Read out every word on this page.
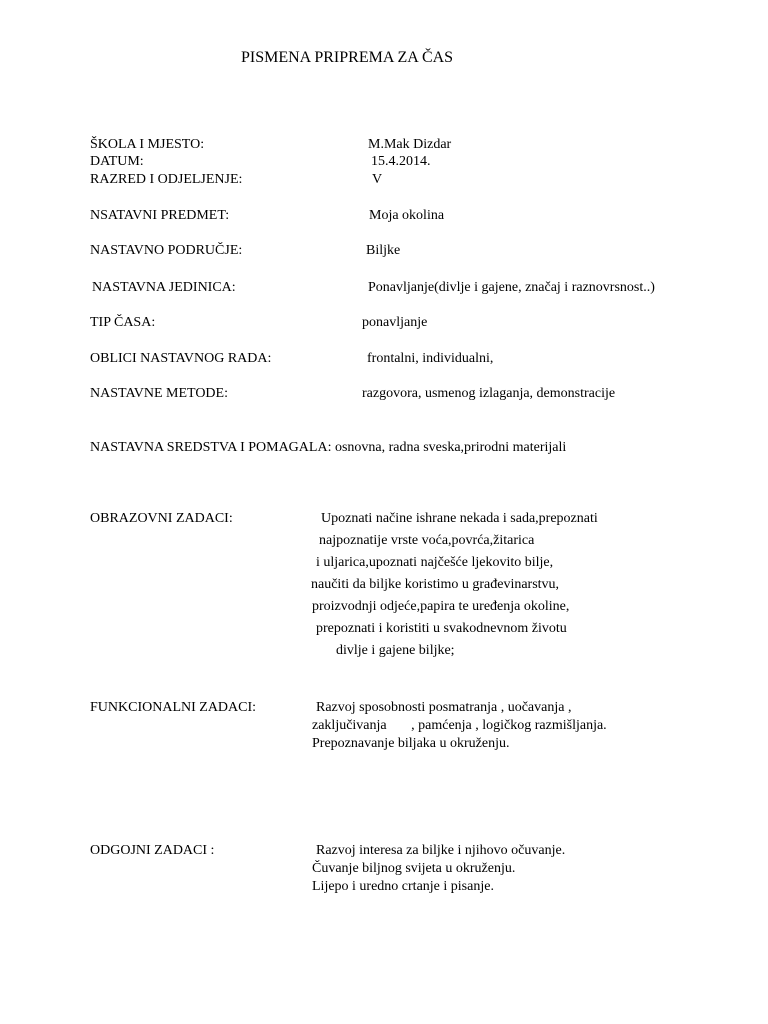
PISMENA PRIPREMA ZA ČAS
ŠKOLA I MJESTO:	M.Mak Dizdar
DATUM:	15.4.2014.
RAZRED I ODJELJENJE:	V
NSATAVNI PREDMET:	Moja okolina
NASTAVNO PODRUČJE:	Biljke
NASTAVNA JEDINICA:	Ponavljanje(divlje i gajene, značaj i raznovrsnost..)
TIP ČASA:	ponavljanje
OBLICI NASTAVNOG RADA:	frontalni, individualni,
NASTAVNE METODE:	razgovora, usmenog izlaganja, demonstracije
NASTAVNA SREDSTVA I POMAGALA: osnovna, radna sveska,prirodni materijali
OBRAZOVNI ZADACI:	Upoznati načine ishrane nekada i sada,prepoznati
najpoznatije vrste voća,povrća,žitarica
i uljarica,upoznati najčešće ljekovito bilje,
naučiti da biljke koristimo u građevinarstvu,
proizvodnji odjeće,papira te uređenja okoline,
prepoznati i koristiti u svakodnevnom životu
divlje i gajene biljke;
FUNKCIONALNI ZADACI:	Razvoj sposobnosti posmatranja , uočavanja ,
zaključivanja       , pamćenja , logičkog razmišljanja.
Prepoznavanje biljaka u okruženju.
ODGOJNI ZADACI :	Razvoj interesa za biljke i njihovo očuvanje.
Čuvanje biljnog svijeta u okruženju.
Lijepo i uredno crtanje i pisanje.
